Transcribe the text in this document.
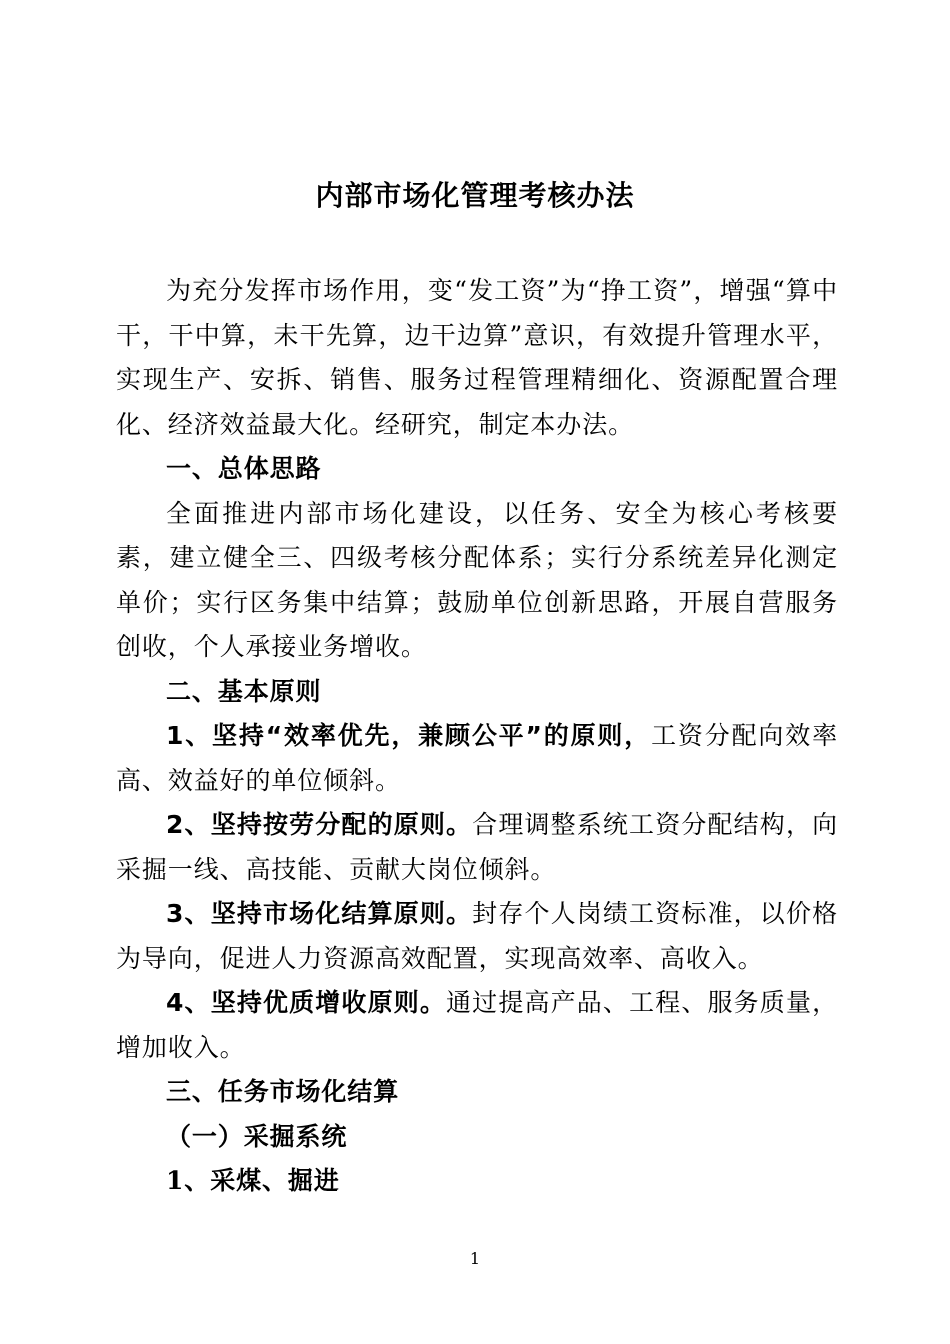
内部市场化管理考核办法

为充分发挥市场作用，变“发工资”为“挣工资”，增强“算中干，干中算，未干先算，边干边算”意识，有效提升管理水平，实现生产、安拆、销售、服务过程管理精细化、资源配置合理化、经济效益最大化。经研究，制定本办法。

一、总体思路

全面推进内部市场化建设，以任务、安全为核心考核要素，建立健全三、四级考核分配体系；实行分系统差异化测定单价；实行区务集中结算；鼓励单位创新思路，开展自营服务创收，个人承接业务增收。

二、基本原则

1、坚持“效率优先，兼顾公平”的原则，工资分配向效率高、效益好的单位倾斜。

2、坚持按劳分配的原则。合理调整系统工资分配结构，向采掘一线、高技能、贡献大岗位倾斜。

3、坚持市场化结算原则。封存个人岗绩工资标准，以价格为导向，促进人力资源高效配置，实现高效率、高收入。

4、坚持优质增收原则。通过提高产品、工程、服务质量，增加收入。

三、任务市场化结算

（一）采掘系统

1、采煤、掘进

1
